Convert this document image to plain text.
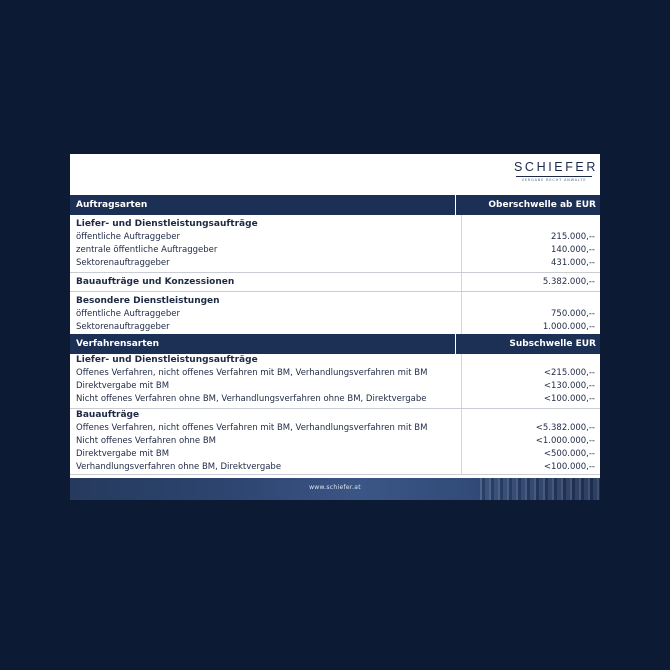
SCHIEFER
VERGABE RECHT ANWÄLTE
Auftragsarten	Oberschwelle ab EUR
Liefer- und Dienstleistungsaufträge
öffentliche Auftraggeber	215.000,--
zentrale öffentliche Auftraggeber	140.000,--
Sektorenauftraggeber	431.000,--
Bauaufträge und Konzessionen	5.382.000,--
Besondere Dienstleistungen
öffentliche Auftraggeber	750.000,--
Sektorenauftraggeber	1.000.000,--
Verfahrensarten	Subschwelle EUR
Liefer- und Dienstleistungsaufträge
Offenes Verfahren, nicht offenes Verfahren mit BM, Verhandlungsverfahren mit BM	<215.000,--
Direktvergabe mit BM	<130.000,--
Nicht offenes Verfahren ohne BM, Verhandlungsverfahren ohne BM, Direktvergabe	<100.000,--
Bauaufträge
Offenes Verfahren, nicht offenes Verfahren mit BM, Verhandlungsverfahren mit BM	<5.382.000,--
Nicht offenes Verfahren ohne BM	<1.000.000,--
Direktvergabe mit BM	<500.000,--
Verhandlungsverfahren ohne BM, Direktvergabe	<100.000,--
www.schiefer.at
